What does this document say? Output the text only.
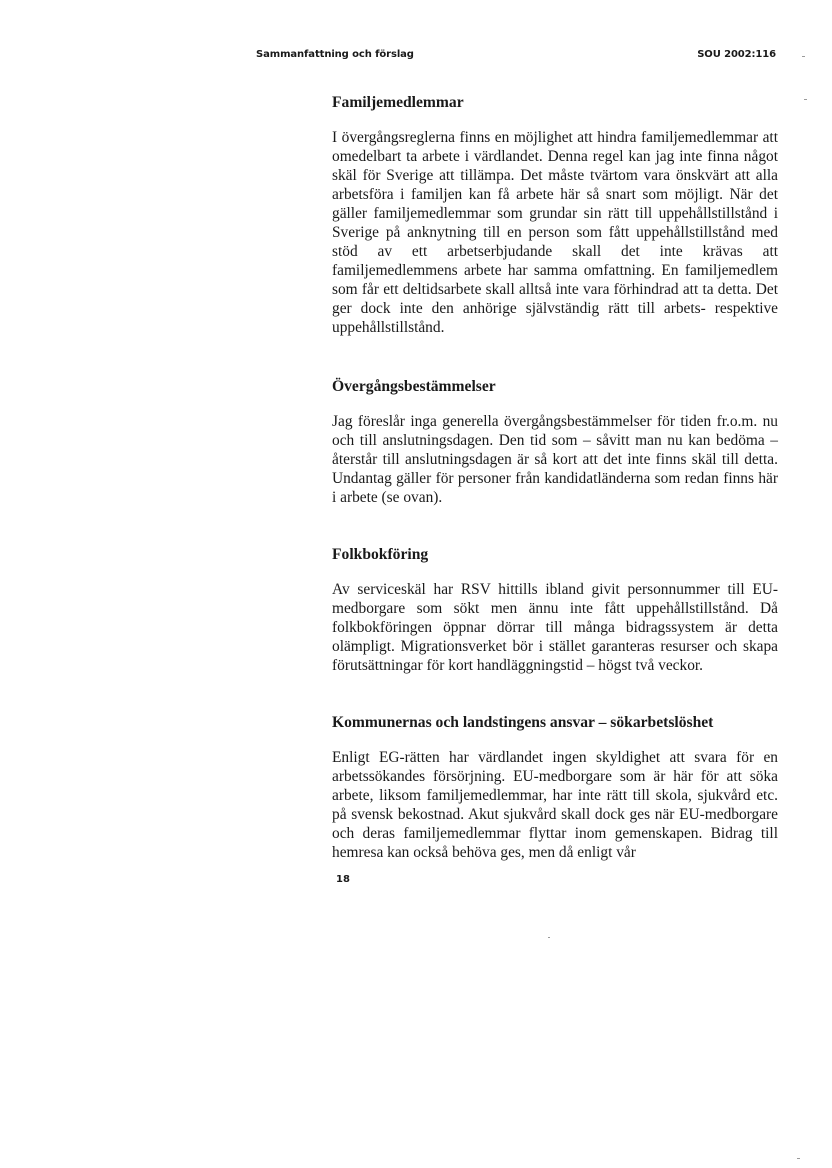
Sammanfattning och förslag	SOU 2002:116
Familjemedlemmar

I övergångsreglerna finns en möjlighet att hindra familjemedlemmar att omedelbart ta arbete i värdlandet. Denna regel kan jag inte finna något skäl för Sverige att tillämpa. Det måste tvärtom vara önskvärt att alla arbetsföra i familjen kan få arbete här så snart som möjligt. När det gäller familjemedlemmar som grundar sin rätt till uppehållstillstånd i Sverige på anknytning till en person som fått uppehållstillstånd med stöd av ett arbetserbjudande skall det inte krävas att familjemedlemmens arbete har samma omfattning. En familjemedlem som får ett deltidsarbete skall alltså inte vara förhindrad att ta detta. Det ger dock inte den anhörige självständig rätt till arbets- respektive uppehållstillstånd.

Övergångsbestämmelser

Jag föreslår inga generella övergångsbestämmelser för tiden fr.o.m. nu och till anslutningsdagen. Den tid som – såvitt man nu kan bedöma – återstår till anslutningsdagen är så kort att det inte finns skäl till detta. Undantag gäller för personer från kandidatländerna som redan finns här i arbete (se ovan).

Folkbokföring

Av serviceskäl har RSV hittills ibland givit personnummer till EU-medborgare som sökt men ännu inte fått uppehållstillstånd. Då folkbokföringen öppnar dörrar till många bidragssystem är detta olämpligt. Migrationsverket bör i stället garanteras resurser och skapa förutsättningar för kort handläggningstid – högst två veckor.

Kommunernas och landstingens ansvar – sökarbetslöshet

Enligt EG-rätten har värdlandet ingen skyldighet att svara för en arbetssökandes försörjning. EU-medborgare som är här för att söka arbete, liksom familjemedlemmar, har inte rätt till skola, sjukvård etc. på svensk bekostnad. Akut sjukvård skall dock ges när EU-medborgare och deras familjemedlemmar flyttar inom gemenskapen. Bidrag till hemresa kan också behöva ges, men då enligt vår

18
